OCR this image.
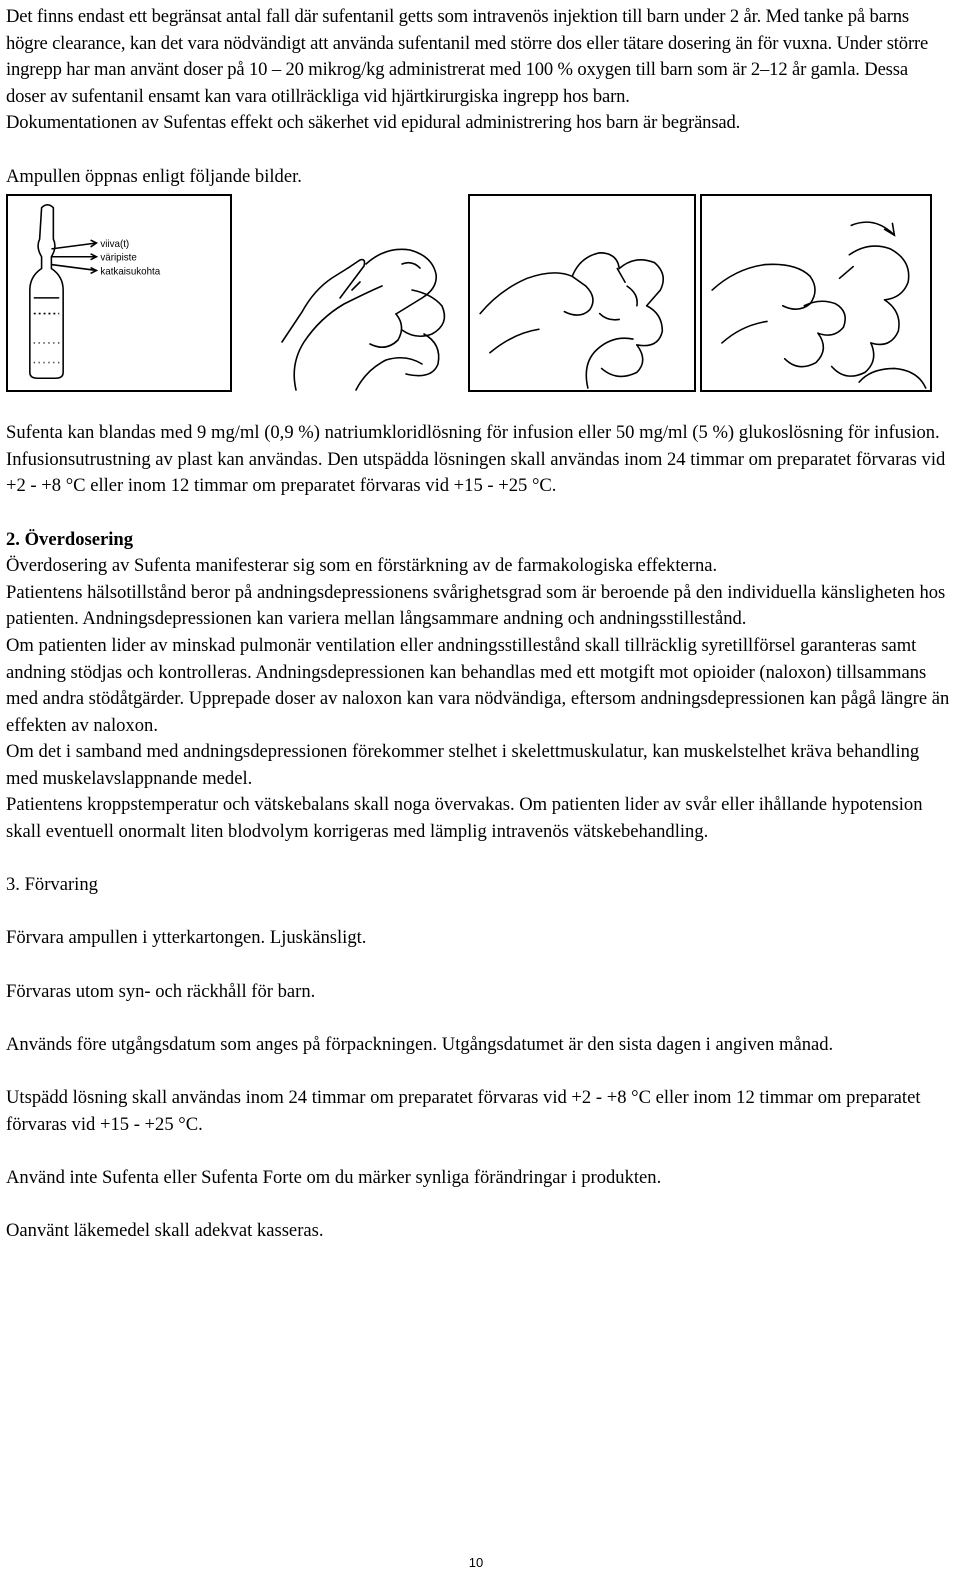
Det finns endast ett begränsat antal fall där sufentanil getts som intravenös injektion till barn under 2 år. Med tanke på barns högre clearance, kan det vara nödvändigt att använda sufentanil med större dos eller tätare dosering än för vuxna. Under större ingrepp har man använt doser på 10 – 20 mikrog/kg administrerat med 100 % oxygen till barn som är 2–12 år gamla. Dessa doser av sufentanil ensamt kan vara otillräckliga vid hjärtkirurgiska ingrepp hos barn.

Dokumentationen av Sufentas effekt och säkerhet vid epidural administrering hos barn är begränsad.

Ampullen öppnas enligt följande bilder.

viiva(t)
väripiste
katkaisukohta

Sufenta kan blandas med 9 mg/ml (0,9 %) natriumkloridlösning för infusion eller 50 mg/ml (5 %) glukoslösning för infusion. Infusionsutrustning av plast kan användas. Den utspädda lösningen skall användas inom 24 timmar om preparatet förvaras vid +2 - +8 °C eller inom 12 timmar om preparatet förvaras vid +15 - +25 °C.

2. Överdosering

Överdosering av Sufenta manifesterar sig som en förstärkning av de farmakologiska effekterna.

Patientens hälsotillstånd beror på andningsdepressionens svårighetsgrad som är beroende på den individuella känsligheten hos patienten. Andningsdepressionen kan variera mellan långsammare andning och andningsstillestånd.

Om patienten lider av minskad pulmonär ventilation eller andningsstillestånd skall tillräcklig syretillförsel garanteras samt andning stödjas och kontrolleras. Andningsdepressionen kan behandlas med ett motgift mot opioider (naloxon) tillsammans med andra stödåtgärder. Upprepade doser av naloxon kan vara nödvändiga, eftersom andningsdepressionen kan pågå längre än effekten av naloxon.

Om det i samband med andningsdepressionen förekommer stelhet i skelettmuskulatur, kan muskelstelhet kräva behandling med muskelavslappnande medel.

Patientens kroppstemperatur och vätskebalans skall noga övervakas. Om patienten lider av svår eller ihållande hypotension skall eventuell onormalt liten blodvolym korrigeras med lämplig intravenös vätskebehandling.

3. Förvaring

Förvara ampullen i ytterkartongen. Ljuskänsligt.

Förvaras utom syn- och räckhåll för barn.

Används före utgångsdatum som anges på förpackningen. Utgångsdatumet är den sista dagen i angiven månad.

Utspädd lösning skall användas inom 24 timmar om preparatet förvaras vid +2 - +8 °C eller inom 12 timmar om preparatet förvaras vid +15 - +25 °C.

Använd inte Sufenta eller Sufenta Forte om du märker synliga förändringar i produkten.

Oanvänt läkemedel skall adekvat kasseras.

10
